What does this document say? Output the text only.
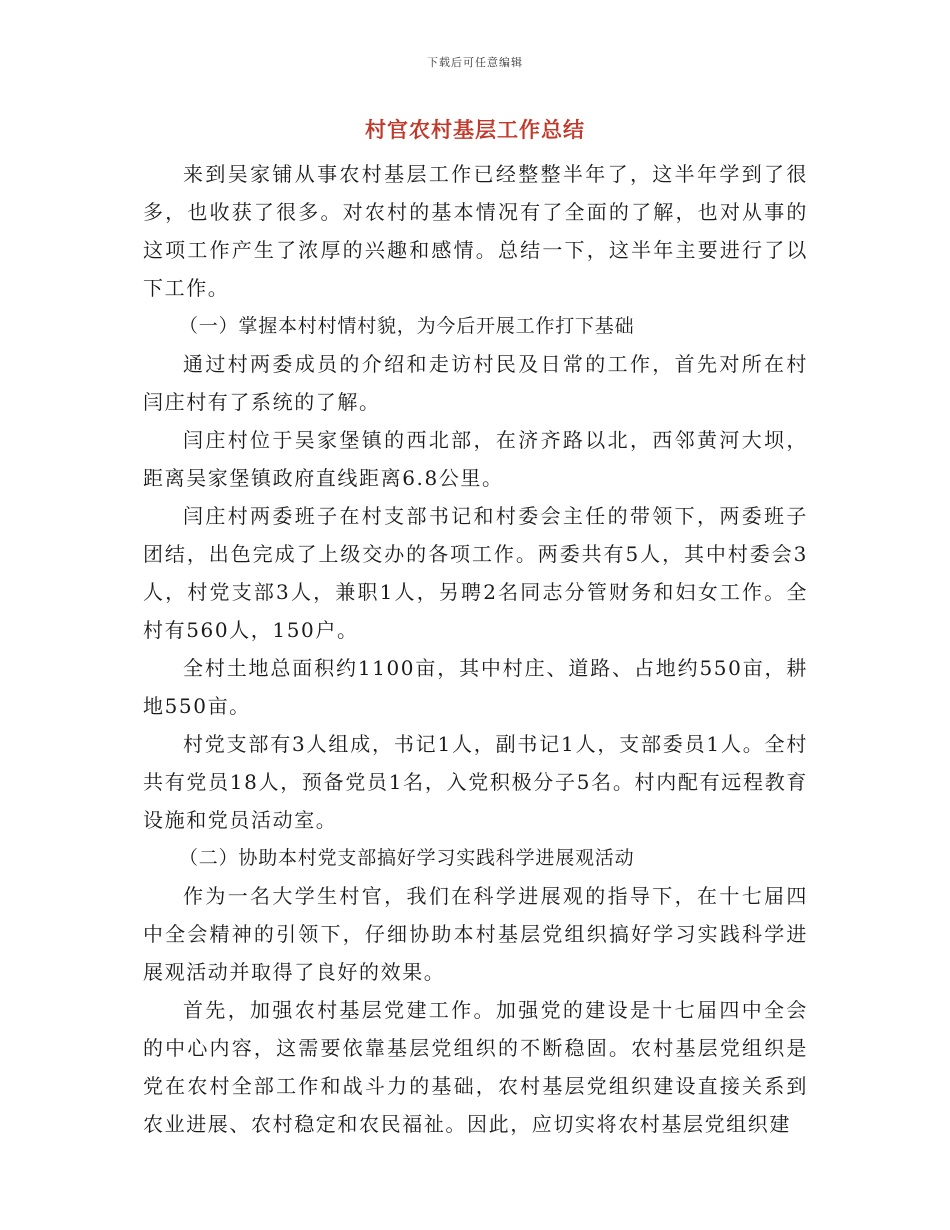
下载后可任意编辑
村官农村基层工作总结

来到吴家铺从事农村基层工作已经整整半年了，这半年学到了很多，也收获了很多。对农村的基本情况有了全面的了解，也对从事的这项工作产生了浓厚的兴趣和感情。总结一下，这半年主要进行了以下工作。

（一）掌握本村村情村貌，为今后开展工作打下基础

通过村两委成员的介绍和走访村民及日常的工作，首先对所在村闫庄村有了系统的了解。

闫庄村位于吴家堡镇的西北部，在济齐路以北，西邻黄河大坝，距离吴家堡镇政府直线距离6.8公里。

闫庄村两委班子在村支部书记和村委会主任的带领下，两委班子团结，出色完成了上级交办的各项工作。两委共有5人，其中村委会3人，村党支部3人，兼职1人，另聘2名同志分管财务和妇女工作。全村有560人，150户。

全村土地总面积约1100亩，其中村庄、道路、占地约550亩，耕地550亩。

村党支部有3人组成，书记1人，副书记1人，支部委员1人。全村共有党员18人，预备党员1名，入党积极分子5名。村内配有远程教育设施和党员活动室。

（二）协助本村党支部搞好学习实践科学进展观活动

作为一名大学生村官，我们在科学进展观的指导下，在十七届四中全会精神的引领下，仔细协助本村基层党组织搞好学习实践科学进展观活动并取得了良好的效果。

首先，加强农村基层党建工作。加强党的建设是十七届四中全会的中心内容，这需要依靠基层党组织的不断稳固。农村基层党组织是党在农村全部工作和战斗力的基础，农村基层党组织建设直接关系到农业进展、农村稳定和农民福祉。因此，应切实将农村基层党组织建
